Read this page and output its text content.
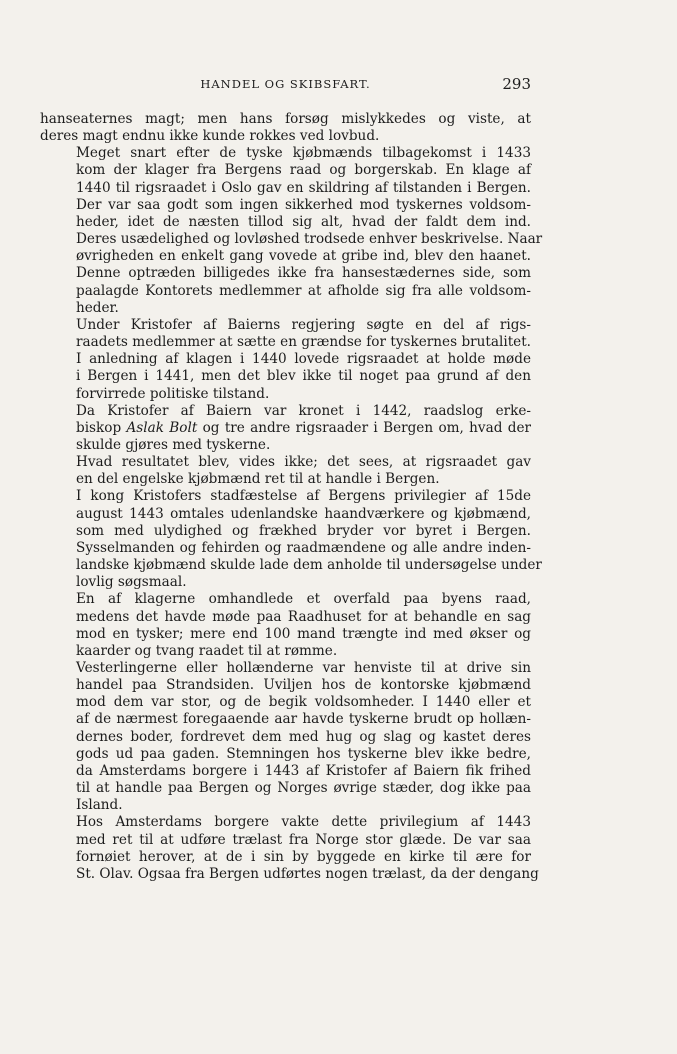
HANDEL OG SKIBSFART.	293
hanseaternes magt; men hans forsøg mislykkedes og viste, at
deres magt endnu ikke kunde rokkes ved lovbud.
Meget snart efter de tyske kjøbmænds tilbagekomst i 1433
kom der klager fra Bergens raad og borgerskab. En klage af
1440 til rigsraadet i Oslo gav en skildring af tilstanden i Bergen.
Der var saa godt som ingen sikkerhed mod tyskernes voldsom-
heder, idet de næsten tillod sig alt, hvad der faldt dem ind.
Deres usædelighed og lovløshed trodsede enhver beskrivelse. Naar
øvrigheden en enkelt gang vovede at gribe ind, blev den haanet.
Denne optræden billigedes ikke fra hansestædernes side, som
paalagde Kontorets medlemmer at afholde sig fra alle voldsom-
heder.
Under Kristofer af Baierns regjering søgte en del af rigs-
raadets medlemmer at sætte en grændse for tyskernes brutalitet.
I anledning af klagen i 1440 lovede rigsraadet at holde møde
i Bergen i 1441, men det blev ikke til noget paa grund af den
forvirrede politiske tilstand.
Da Kristofer af Baiern var kronet i 1442, raadslog erke-
biskop Aslak Bolt og tre andre rigsraader i Bergen om, hvad der
skulde gjøres med tyskerne.
Hvad resultatet blev, vides ikke; det sees, at rigsraadet gav
en del engelske kjøbmænd ret til at handle i Bergen.
I kong Kristofers stadfæstelse af Bergens privilegier af 15de
august 1443 omtales udenlandske haandværkere og kjøbmænd,
som med ulydighed og frækhed bryder vor byret i Bergen.
Sysselmanden og fehirden og raadmændene og alle andre inden-
landske kjøbmænd skulde lade dem anholde til undersøgelse under
lovlig søgsmaal.
En af klagerne omhandlede et overfald paa byens raad,
medens det havde møde paa Raadhuset for at behandle en sag
mod en tysker; mere end 100 mand trængte ind med økser og
kaarder og tvang raadet til at rømme.
Vesterlingerne eller hollænderne var henviste til at drive sin
handel paa Strandsiden. Uviljen hos de kontorske kjøbmænd
mod dem var stor, og de begik voldsomheder. I 1440 eller et
af de nærmest foregaaende aar havde tyskerne brudt op hollæn-
dernes boder, fordrevet dem med hug og slag og kastet deres
gods ud paa gaden. Stemningen hos tyskerne blev ikke bedre,
da Amsterdams borgere i 1443 af Kristofer af Baiern fik frihed
til at handle paa Bergen og Norges øvrige stæder, dog ikke paa
Island.
Hos Amsterdams borgere vakte dette privilegium af 1443
med ret til at udføre trælast fra Norge stor glæde. De var saa
fornøiet herover, at de i sin by byggede en kirke til ære for
St. Olav. Ogsaa fra Bergen udførtes nogen trælast, da der dengang
